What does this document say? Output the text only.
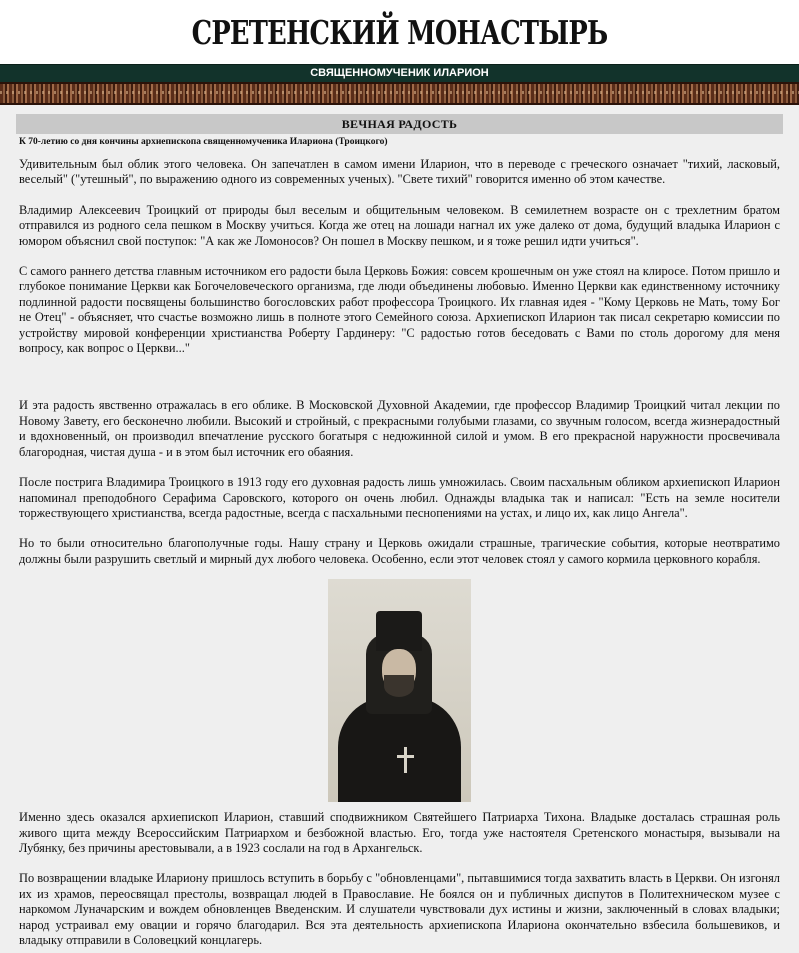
СРЕТЕНСКИЙ МОНАСТЫРЬ
СВЯЩЕННОМУЧЕНИК ИЛАРИОН
ВЕЧНАЯ РАДОСТЬ
К 70-летию со дня кончины архиепископа священномученика Илариона (Троицкого)

Удивительным был облик этого человека. Он запечатлен в самом имени Иларион, что в переводе с греческого означает "тихий, ласковый, веселый" ("утешный", по выражению одного из современных ученых). "Свете тихий" говорится именно об этом качестве.

Владимир Алексеевич Троицкий от природы был веселым и общительным человеком. В семилетнем возрасте он с трехлетним братом отправился из родного села пешком в Москву учиться. Когда же отец на лошади нагнал их уже далеко от дома, будущий владыка Иларион с юмором объяснил свой поступок: "А как же Ломоносов? Он пошел в Москву пешком, и я тоже решил идти учиться".

С самого раннего детства главным источником его радости была Церковь Божия: совсем крошечным он уже стоял на клиросе. Потом пришло и глубокое понимание Церкви как Богочеловеческого организма, где люди объединены любовью. Именно Церкви как единственному источнику подлинной радости посвящены большинство богословских работ профессора Троицкого. Их главная идея - "Кому Церковь не Мать, тому Бог не Отец" - объясняет, что счастье возможно лишь в полноте этого Семейного союза. Архиепископ Иларион так писал секретарю комиссии по устройству мировой конференции христианства Роберту Гардинеру: "С радостью готов беседовать с Вами по столь дорогому для меня вопросу, как вопрос о Церкви..."

И эта радость явственно отражалась в его облике. В Московской Духовной Академии, где профессор Владимир Троицкий читал лекции по Новому Завету, его бесконечно любили. Высокий и стройный, с прекрасными голубыми глазами, со звучным голосом, всегда жизнерадостный и вдохновенный, он производил впечатление русского богатыря с недюжинной силой и умом. В его прекрасной наружности просвечивала благородная, чистая душа - и в этом был источник его обаяния.

После пострига Владимира Троицкого в 1913 году его духовная радость лишь умножилась. Своим пасхальным обликом архиепископ Иларион напоминал преподобного Серафима Саровского, которого он очень любил. Однажды владыка так и написал: "Есть на земле носители торжествующего христианства, всегда радостные, всегда с пасхальными песнопениями на устах, и лицо их, как лицо Ангела".

Но то были относительно благополучные годы. Нашу страну и Церковь ожидали страшные, трагические события, которые неотвратимо должны были разрушить светлый и мирный дух любого человека. Особенно, если этот человек стоял у самого кормила церковного корабля.

Именно здесь оказался архиепископ Иларион, ставший сподвижником Святейшего Патриарха Тихона. Владыке досталась страшная роль живого щита между Всероссийским Патриархом и безбожной властью. Его, тогда уже настоятеля Сретенского монастыря, вызывали на Лубянку, без причины арестовывали, а в 1923 сослали на год в Архангельск.

По возвращении владыке Илариону пришлось вступить в борьбу с "обновленцами", пытавшимися тогда захватить власть в Церкви. Он изгонял их из храмов, переосвящал престолы, возвращал людей в Православие. Не боялся он и публичных диспутов в Политехническом музее с наркомом Луначарским и вождем обновленцев Введенским. И слушатели чувствовали дух истины и жизни, заключенный в словах владыки; народ устраивал ему овации и горячо благодарил. Вся эта деятельность архиепископа Илариона окончательно взбесила большевиков, и владыку отправили в Соловецкий концлагерь.
